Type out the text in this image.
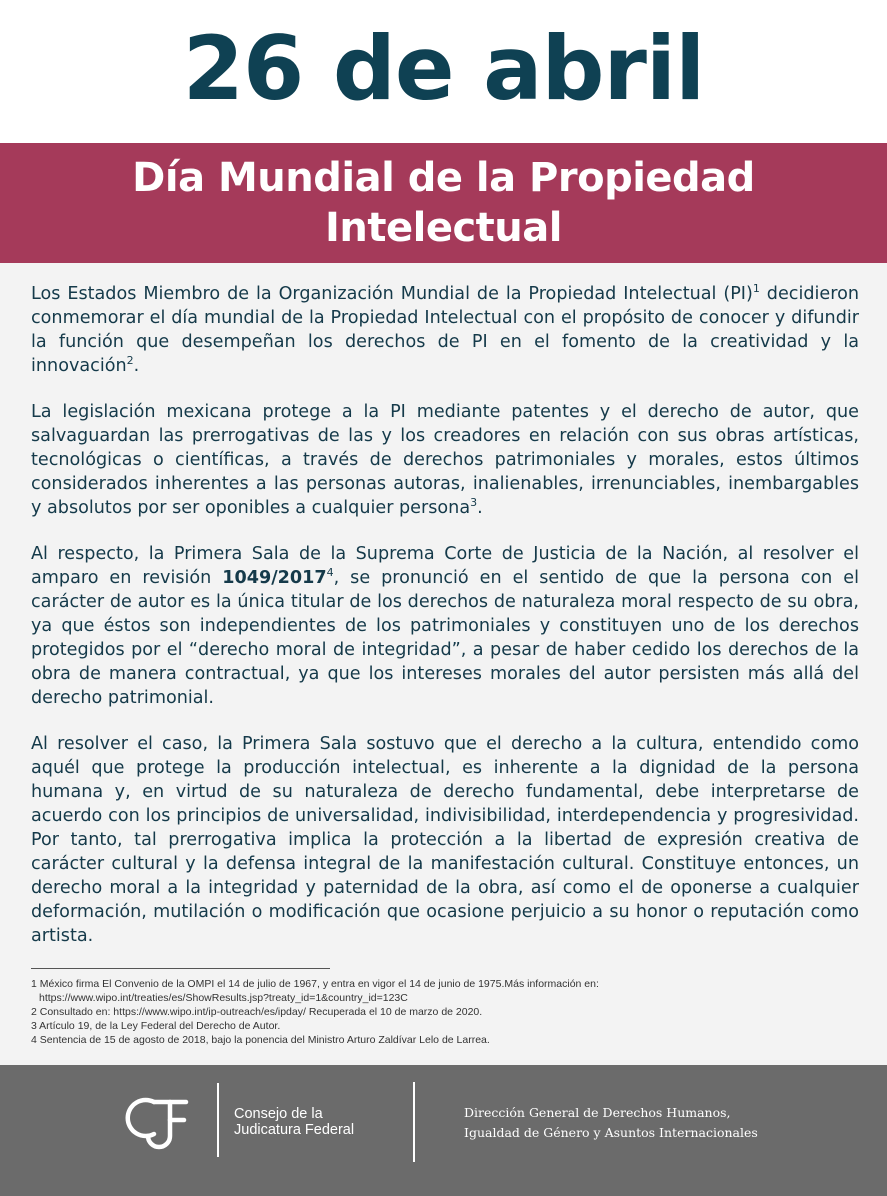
26 de abril
Día Mundial de la Propiedad
Intelectual

Los Estados Miembro de la Organización Mundial de la Propiedad Intelectual (PI)$^1$ decidieron conmemorar el día mundial de la Propiedad Intelectual con el propósito de conocer y difundir la función que desempeñan los derechos de PI en el fomento de la creatividad y la innovación$^2$.

La legislación mexicana protege a la PI mediante patentes y el derecho de autor, que salvaguardan las prerrogativas de las y los creadores en relación con sus obras artísticas, tecnológicas o científicas, a través de derechos patrimoniales y morales, estos últimos considerados inherentes a las personas autoras, inalienables, irrenunciables, inembargables y absolutos por ser oponibles a cualquier persona$^3$.

Al respecto, la Primera Sala de la Suprema Corte de Justicia de la Nación, al resolver el amparo en revisión 1049/2017$^4$, se pronunció en el sentido de que la persona con el carácter de autor es la única titular de los derechos de naturaleza moral respecto de su obra, ya que éstos son independientes de los patrimoniales y constituyen uno de los derechos protegidos por el “derecho moral de integridad”, a pesar de haber cedido los derechos de la obra de manera contractual, ya que los intereses morales del autor persisten más allá del derecho patrimonial.

Al resolver el caso, la Primera Sala sostuvo que el derecho a la cultura, entendido como aquél que protege la producción intelectual, es inherente a la dignidad de la persona humana y, en virtud de su naturaleza de derecho fundamental, debe interpretarse de acuerdo con los principios de universalidad, indivisibilidad, interdependencia y progresividad. Por tanto, tal prerrogativa implica la protección a la libertad de expresión creativa de carácter cultural y la defensa integral de la manifestación cultural. Constituye entonces, un derecho moral a la integridad y paternidad de la obra, así como el de oponerse a cualquier deformación, mutilación o modificación que ocasione perjuicio a su honor o reputación como artista.

1 México firma El Convenio de la OMPI el 14 de julio de 1967, y entra en vigor el 14 de junio de 1975.Más información en:
https://www.wipo.int/treaties/es/ShowResults.jsp?treaty_id=1&country_id=123C
2 Consultado en: https://www.wipo.int/ip-outreach/es/ipday/ Recuperada el 10 de marzo de 2020.
3 Artículo 19, de la Ley Federal del Derecho de Autor.
4 Sentencia de 15 de agosto de 2018, bajo la ponencia del Ministro Arturo Zaldívar Lelo de Larrea.
Consejo de la
Judicatura Federal
Dirección General de Derechos Humanos,
Igualdad de Género y Asuntos Internacionales
